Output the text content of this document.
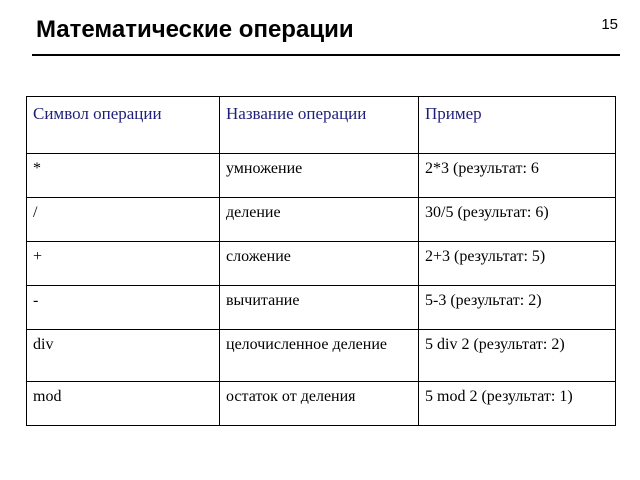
Математические операции	15
Символ операции	Название операции	Пример
*	умножение	2*3 (результат: 6
/	деление	30/5 (результат: 6)
+	сложение	2+3 (результат: 5)
-	вычитание	5-3 (результат: 2)
div	целочисленное деление	5 div 2 (результат: 2)
mod	остаток от деления	5 mod 2 (результат: 1)
